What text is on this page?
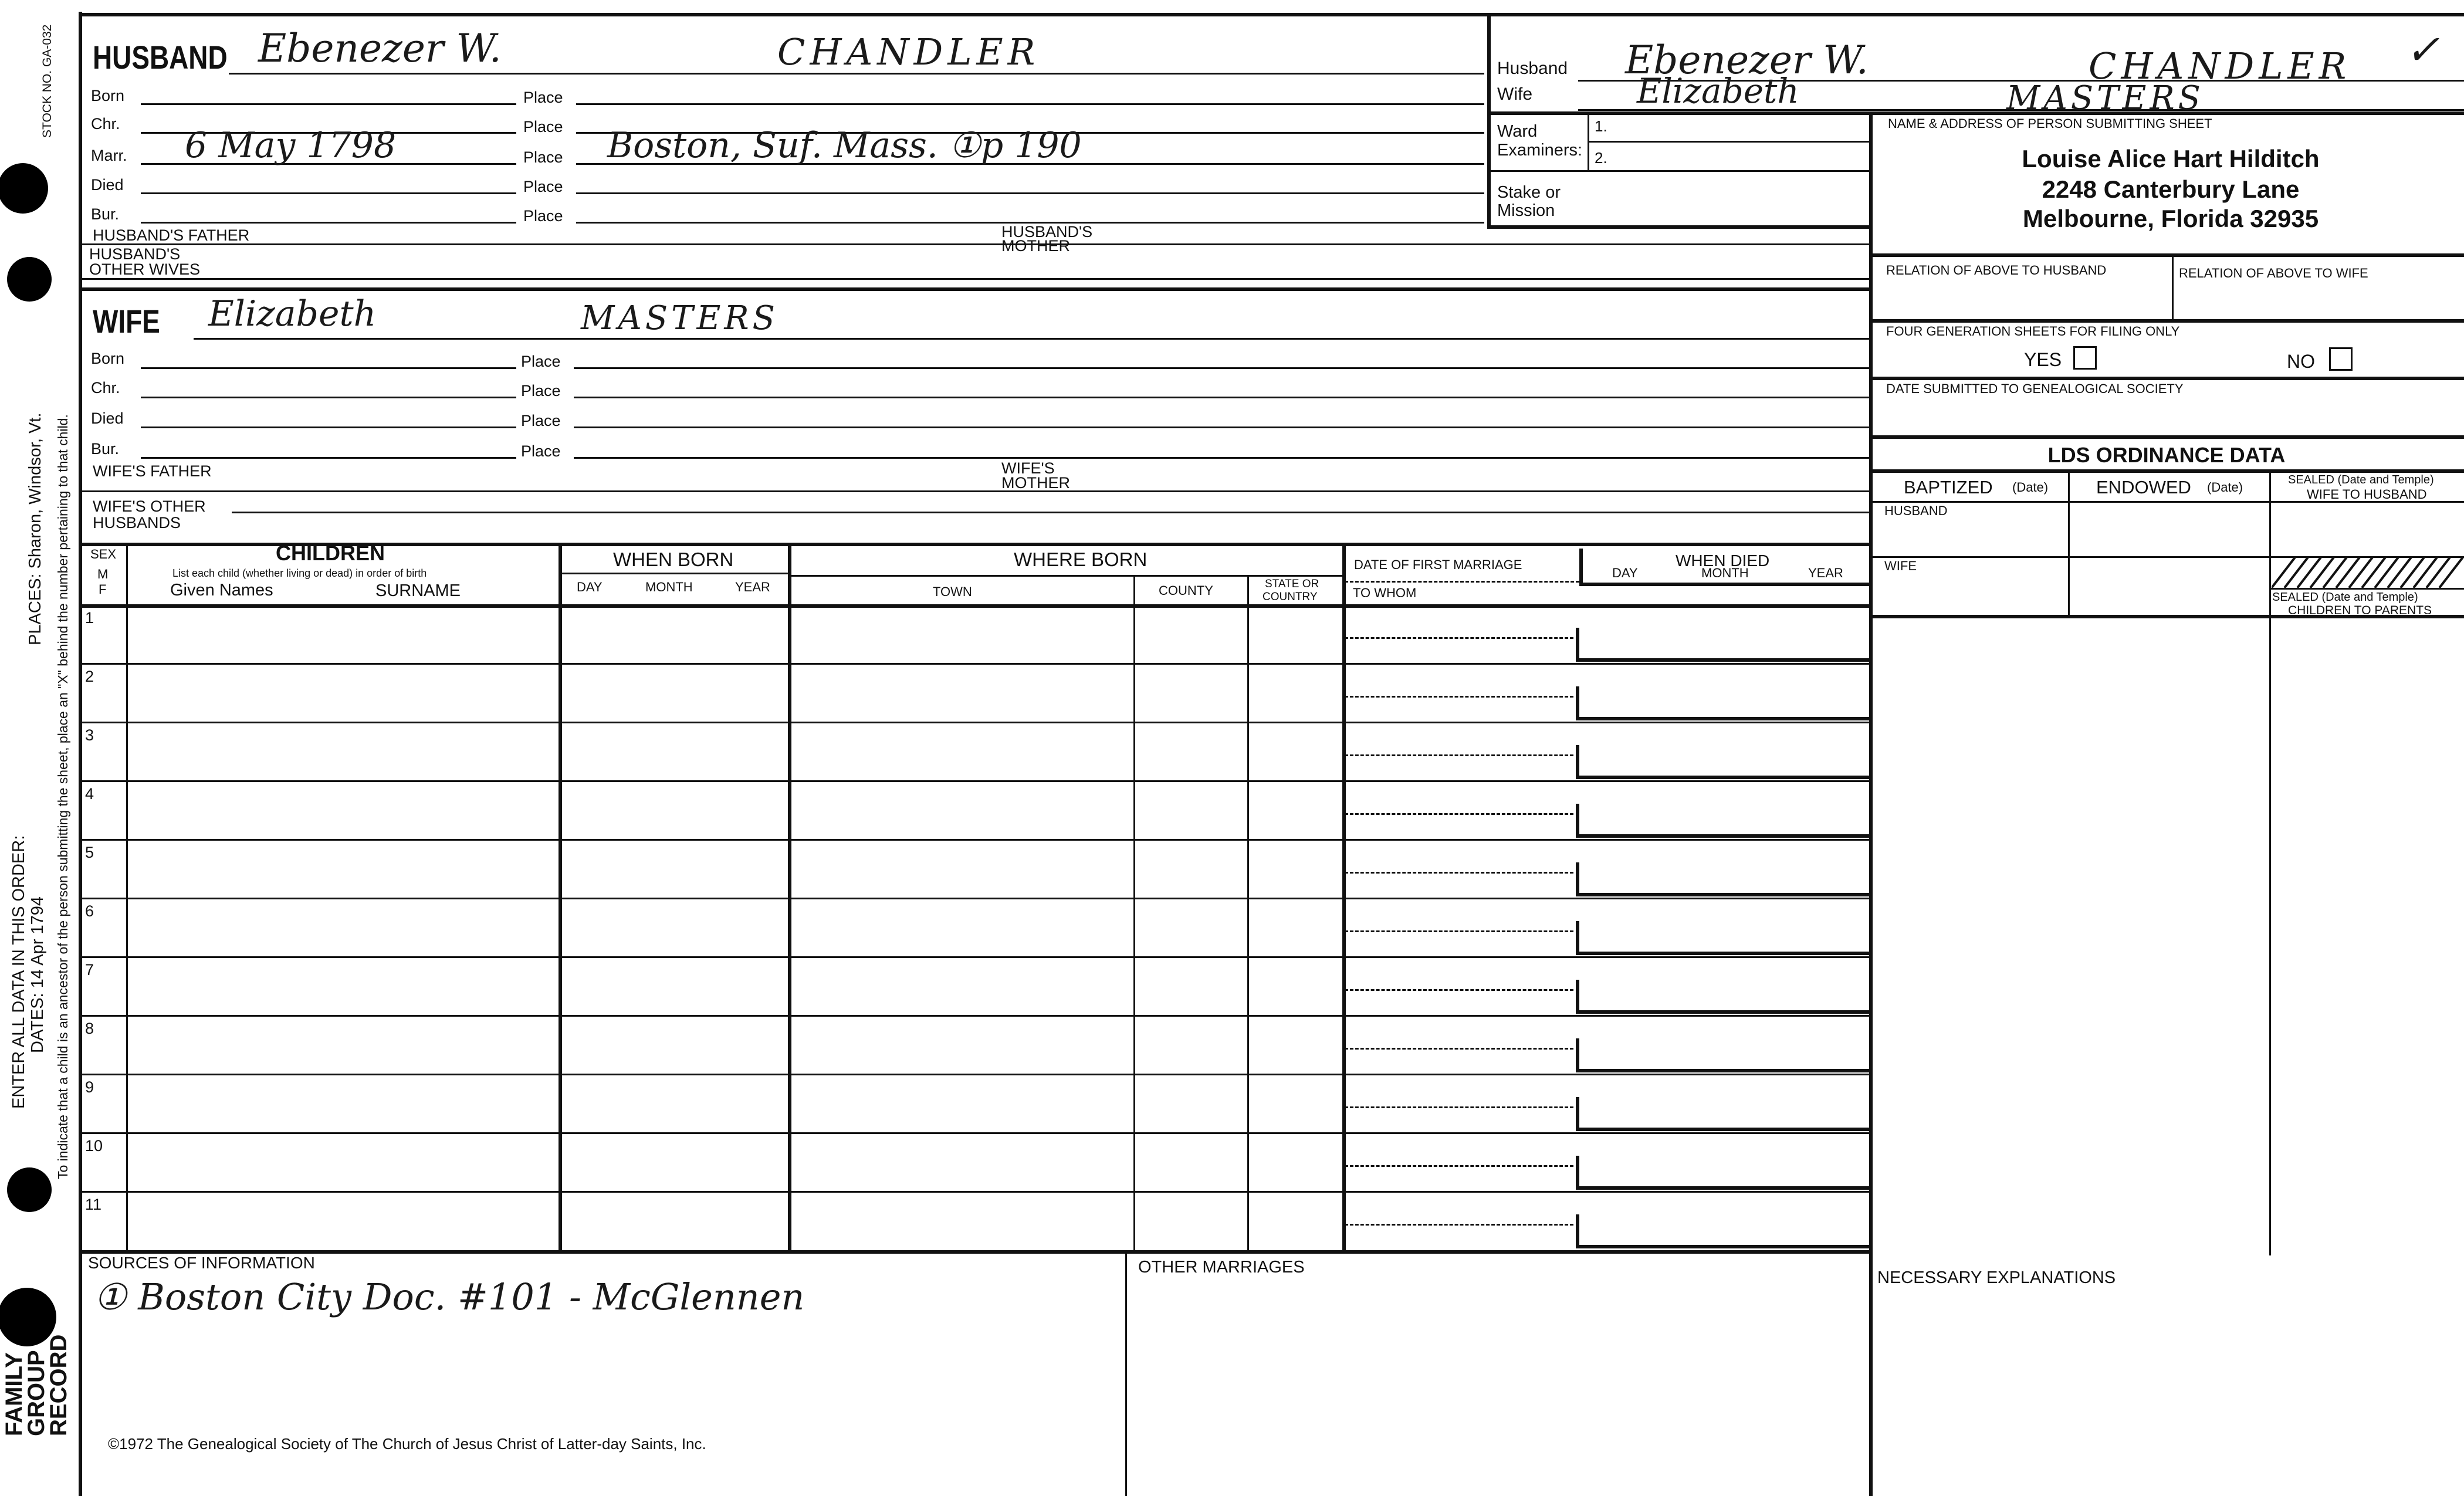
STOCK NO. GA-032
PLACES: Sharon, Windsor, Vt. To indicate that a child is an ancestor of the person submitting the sheet, place an "X" behind the number pertaining to that child.
ENTER ALL DATA IN THIS ORDER: DATES: 14 Apr 1794
FAMILY
GROUP
RECORD
HUSBAND Ebenezer W.	CHANDLER
Born	Place
Chr.	Place
Marr. 6 May 1798	Place Boston, Suf. Mass. ①p 190
Died	Place
Bur.	Place
HUSBAND'S FATHER	HUSBAND'S
MOTHER
HUSBAND'S
OTHER WIVES
WIFE Elizabeth	MASTERS
Born	Place
Chr.	Place
Died	Place
Bur.	Place
WIFE'S FATHER	WIFE'S
MOTHER
WIFE'S OTHER
HUSBANDS
Husband Ebenezer W.	CHANDLER ✓
Wife	Elizabeth	MASTERS
Ward
Examiners:
1.
2.
Stake or
Mission
NAME & ADDRESS OF PERSON SUBMITTING SHEET
Louise Alice Hart Hilditch
2248 Canterbury Lane
Melbourne, Florida 32935
RELATION OF ABOVE TO HUSBAND	RELATION OF ABOVE TO WIFE
FOUR GENERATION SHEETS FOR FILING ONLY
YES	NO
DATE SUBMITTED TO GENEALOGICAL SOCIETY
LDS ORDINANCE DATA
BAPTIZED (Date)	ENDOWED (Date)	SEALED (Date and Temple)
WIFE TO HUSBAND
HUSBAND
WIFE
SEALED (Date and Temple)
CHILDREN TO PARENTS
SEX
M
F
CHILDREN
List each child (whether living or dead) in order of birth
Given Names	SURNAME
WHEN BORN
DAY	MONTH	YEAR
WHERE BORN
TOWN	COUNTY	STATE OR
COUNTRY
DATE OF FIRST MARRIAGE
TO WHOM
WHEN DIED
DAY	MONTH	YEAR
1
2
3
4
5
6
7
8
9
10
11
SOURCES OF INFORMATION
① Boston City Doc. #101 - McGlennen
©1972 The Genealogical Society of The Church of Jesus Christ of Latter-day Saints, Inc.
OTHER MARRIAGES
NECESSARY EXPLANATIONS
